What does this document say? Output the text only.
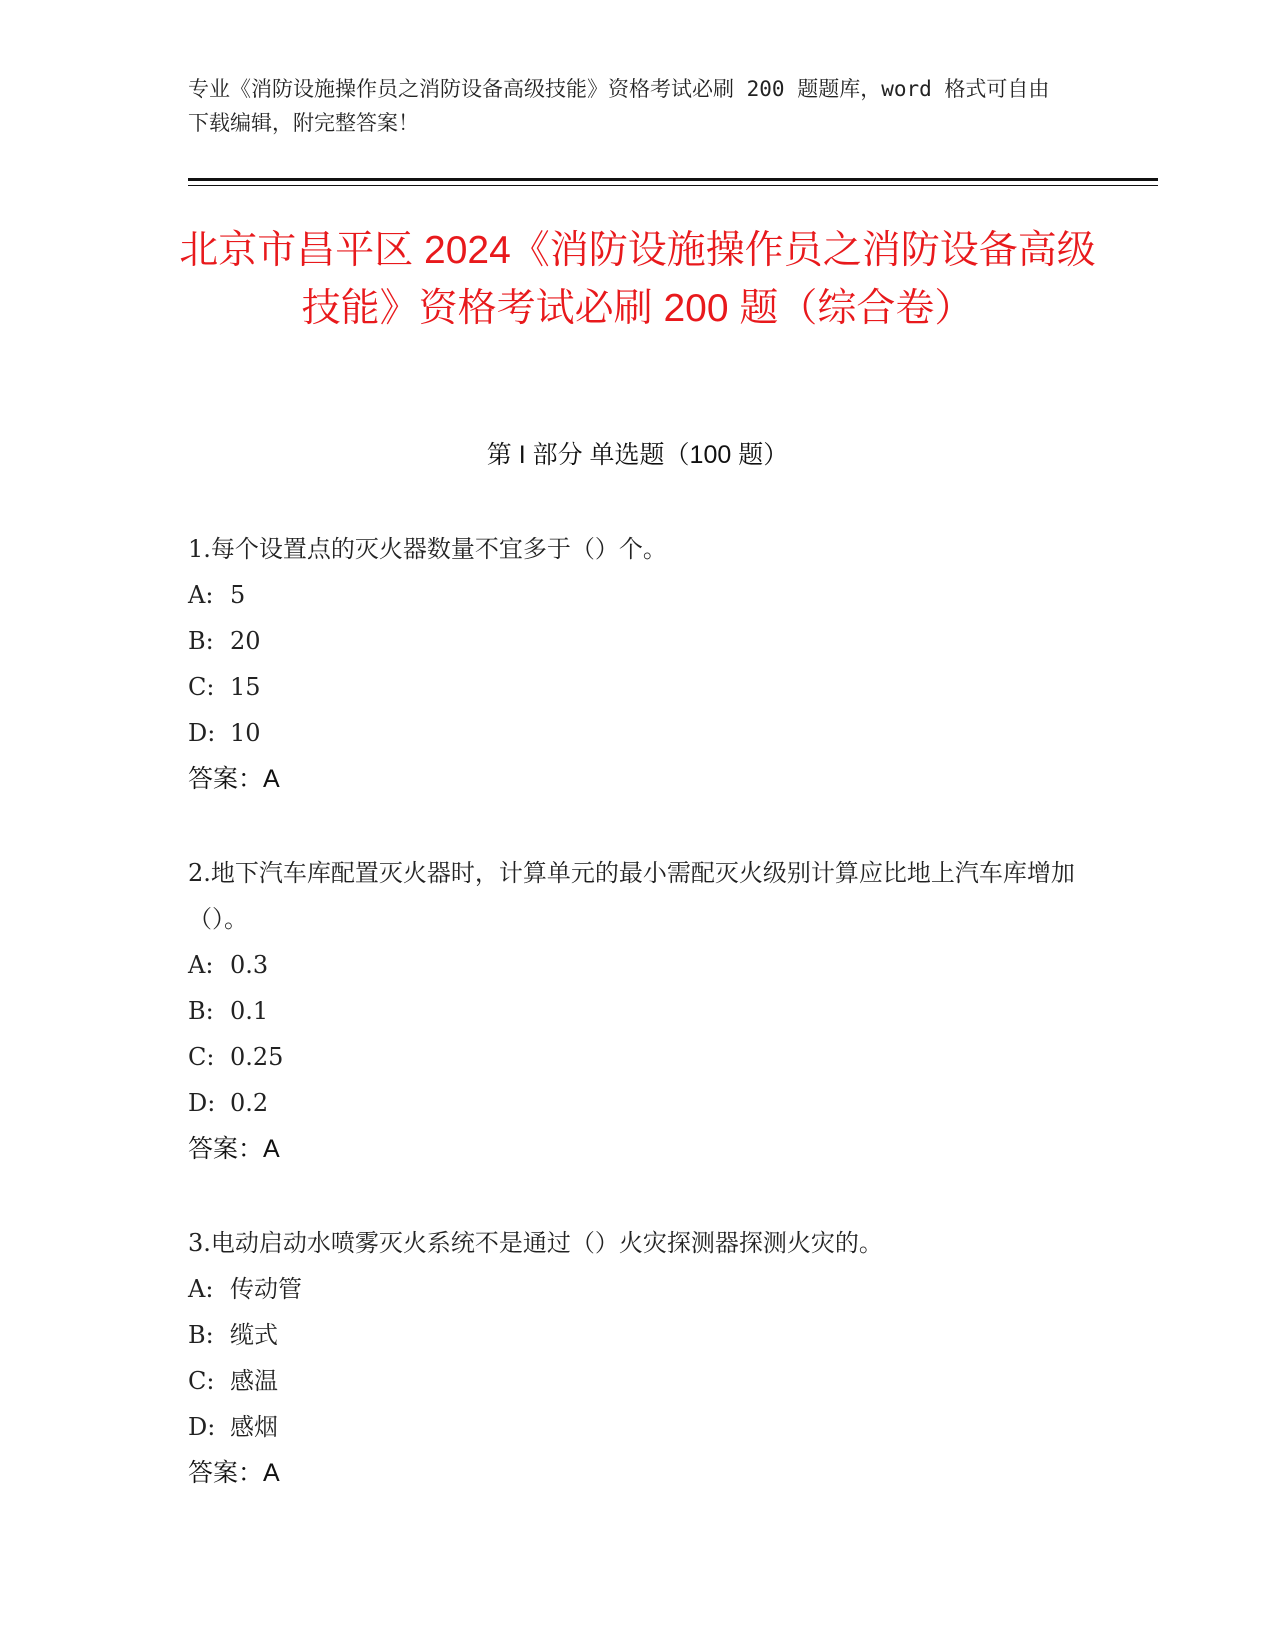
专业《消防设施操作员之消防设备高级技能》资格考试必刷 200 题题库，word 格式可自由下载编辑，附完整答案！
北京市昌平区 2024《消防设施操作员之消防设备高级技能》资格考试必刷 200 题（综合卷）
第 I 部分 单选题（100 题）
1.每个设置点的灭火器数量不宜多于（）个。
A: 5
B: 20
C: 15
D: 10
答案：A
2.地下汽车库配置灭火器时，计算单元的最小需配灭火级别计算应比地上汽车库增加（）。
A: 0.3
B: 0.1
C: 0.25
D: 0.2
答案：A
3.电动启动水喷雾灭火系统不是通过（）火灾探测器探测火灾的。
A: 传动管
B: 缆式
C: 感温
D: 感烟
答案：A
